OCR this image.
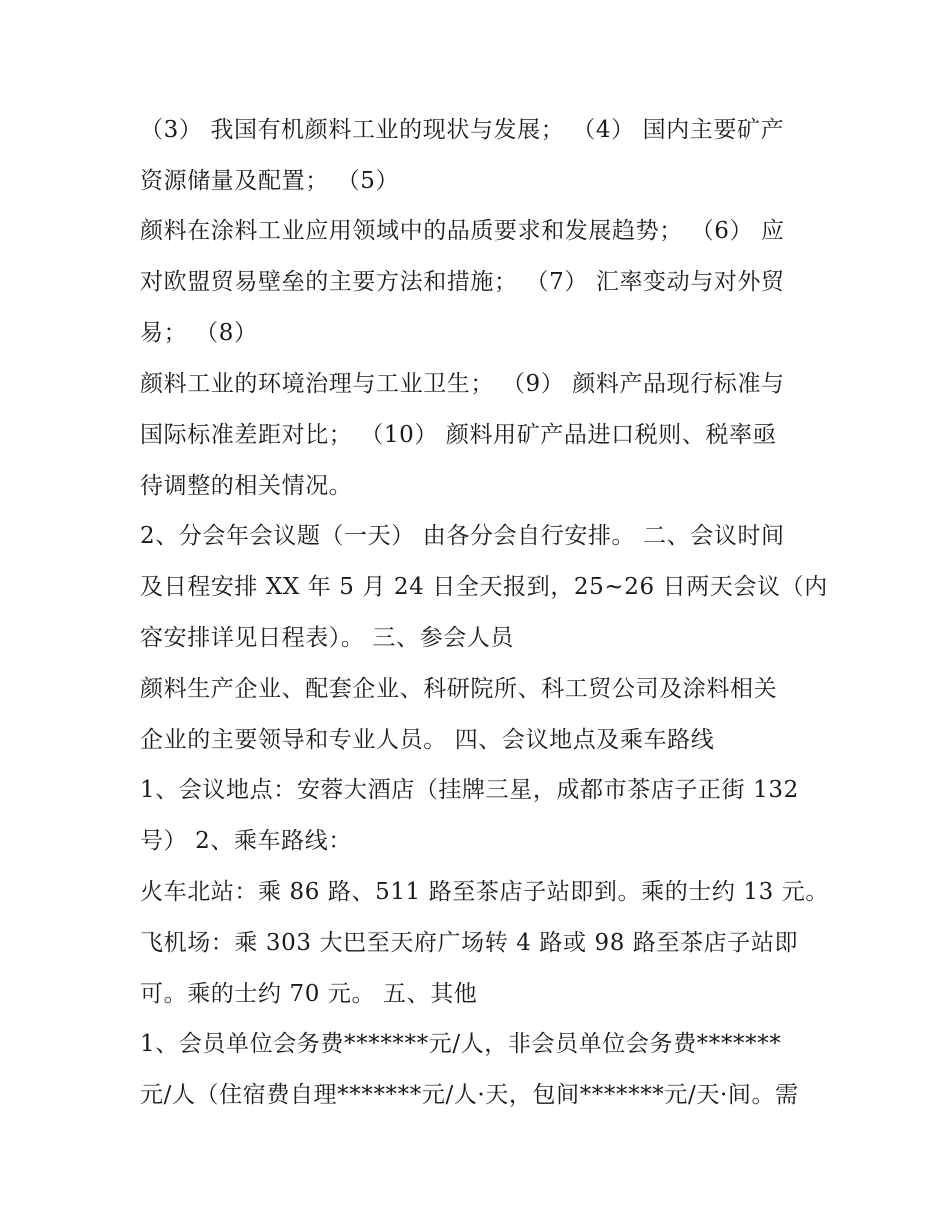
（3） 我国有机颜料工业的现状与发展； （4） 国内主要矿产
资源储量及配置； （5）
颜料在涂料工业应用领域中的品质要求和发展趋势； （6） 应
对欧盟贸易壁垒的主要方法和措施； （7） 汇率变动与对外贸
易； （8）
颜料工业的环境治理与工业卫生； （9） 颜料产品现行标准与
国际标准差距对比； （10） 颜料用矿产品进口税则、税率亟
待调整的相关情况。
2、分会年会议题（一天） 由各分会自行安排。 二、会议时间
及日程安排 XX 年 5 月 24 日全天报到，25~26 日两天会议（内
容安排详见日程表）。 三、参会人员
颜料生产企业、配套企业、科研院所、科工贸公司及涂料相关
企业的主要领导和专业人员。 四、会议地点及乘车路线
1、会议地点：安蓉大酒店（挂牌三星，成都市茶店子正街 132
号） 2、乘车路线：
火车北站：乘 86 路、511 路至茶店子站即到。乘的士约 13 元。
飞机场：乘 303 大巴至天府广场转 4 路或 98 路至茶店子站即
可。乘的士约 70 元。 五、其他
1、会员单位会务费*******元/人，非会员单位会务费*******
元/人（住宿费自理*******元/人·天，包间*******元/天·间。需
